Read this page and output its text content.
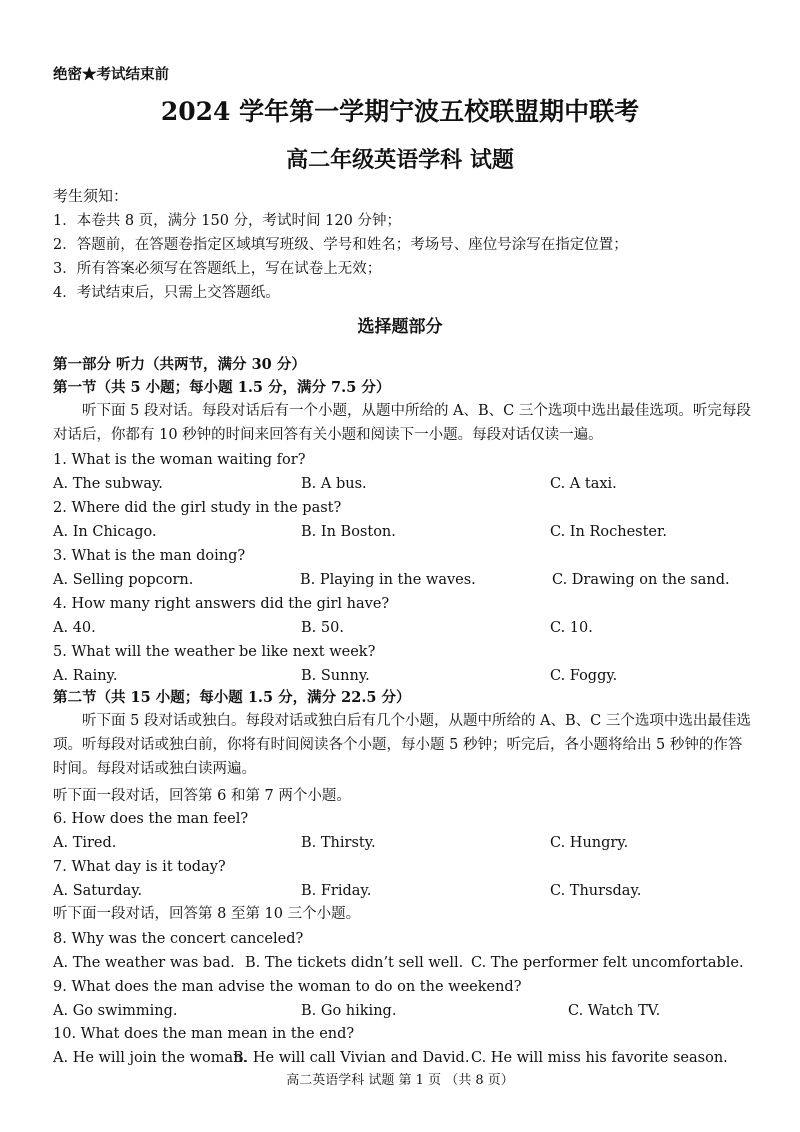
绝密★考试结束前
2024 学年第一学期宁波五校联盟期中联考
高二年级英语学科 试题
考生须知：
1．本卷共 8 页，满分 150 分，考试时间 120 分钟；
2．答题前，在答题卷指定区域填写班级、学号和姓名；考场号、座位号涂写在指定位置；
3．所有答案必须写在答题纸上，写在试卷上无效；
4．考试结束后，只需上交答题纸。
选择题部分
第一部分 听力（共两节，满分 30 分）
第一节（共 5 小题；每小题 1.5 分，满分 7.5 分）
听下面 5 段对话。每段对话后有一个小题，从题中所给的 A、B、C 三个选项中选出最佳选项。听完每段对话后，你都有 10 秒钟的时间来回答有关小题和阅读下一小题。每段对话仅读一遍。
1. What is the woman waiting for?
A. The subway.	B. A bus.	C. A taxi.
2. Where did the girl study in the past?
A. In Chicago.	B. In Boston.	C. In Rochester.
3. What is the man doing?
A. Selling popcorn.	B. Playing in the waves.	C. Drawing on the sand.
4. How many right answers did the girl have?
A. 40.	B. 50.	C. 10.
5. What will the weather be like next week?
A. Rainy.	B. Sunny.	C. Foggy.
第二节（共 15 小题；每小题 1.5 分，满分 22.5 分）
听下面 5 段对话或独白。每段对话或独白后有几个小题，从题中所给的 A、B、C 三个选项中选出最佳选项。听每段对话或独白前，你将有时间阅读各个小题，每小题 5 秒钟；听完后，各小题将给出 5 秒钟的作答时间。每段对话或独白读两遍。
听下面一段对话，回答第 6 和第 7 两个小题。
6. How does the man feel?
A. Tired.	B. Thirsty.	C. Hungry.
7. What day is it today?
A. Saturday.	B. Friday.	C. Thursday.
听下面一段对话，回答第 8 至第 10 三个小题。
8. Why was the concert canceled?
A. The weather was bad. B. The tickets didn’t sell well. C. The performer felt uncomfortable.
9. What does the man advise the woman to do on the weekend?
A. Go swimming.	B. Go hiking.	C. Watch TV.
10. What does the man mean in the end?
A. He will join the woman.
B. He will call Vivian and David. C. He will miss his favorite season.
高二英语学科 试题 第 1 页 （共 8 页）
